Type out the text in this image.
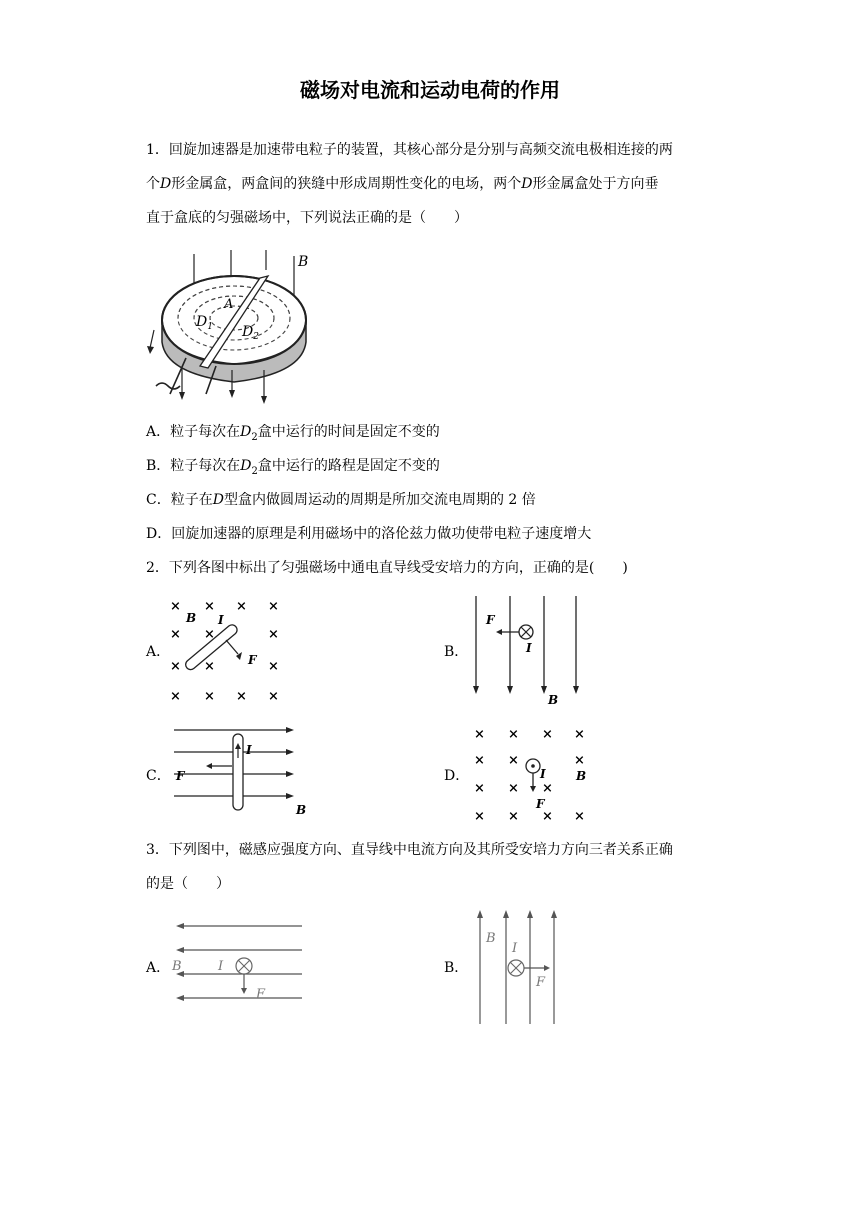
磁场对电流和运动电荷的作用
1．回旋加速器是加速带电粒子的装置，其核心部分是分别与高频交流电极相连接的两
个D形金属盒，两盒间的狭缝中形成周期性变化的电场，两个D形金属盒处于方向垂
直于盒底的匀强磁场中，下列说法正确的是（　　）
B
A
$D_1$ $D_2$
A．粒子每次在$D_2$盒中运行的时间是固定不变的
B．粒子每次在$D_2$盒中运行的路程是固定不变的
C．粒子在D型盒内做圆周运动的周期是所加交流电周期的 2 倍
D．回旋加速器的原理是利用磁场中的洛伦兹力做功使带电粒子速度增大
2．下列各图中标出了匀强磁场中通电直导线受安培力的方向，正确的是(　　)
A．
× × × ×
× ×	×
× ×	×
× × × ×
B I
F	B．
F
I
B
C．
I
F
B
D．
× × × ×
× ×	×
× × ×
× × × ×
I	B
F
3．下列图中，磁感应强度方向、直导线中电流方向及其所受安培力方向三者关系正确
的是（　　）
A． B	I
F
B．
B
I
F
